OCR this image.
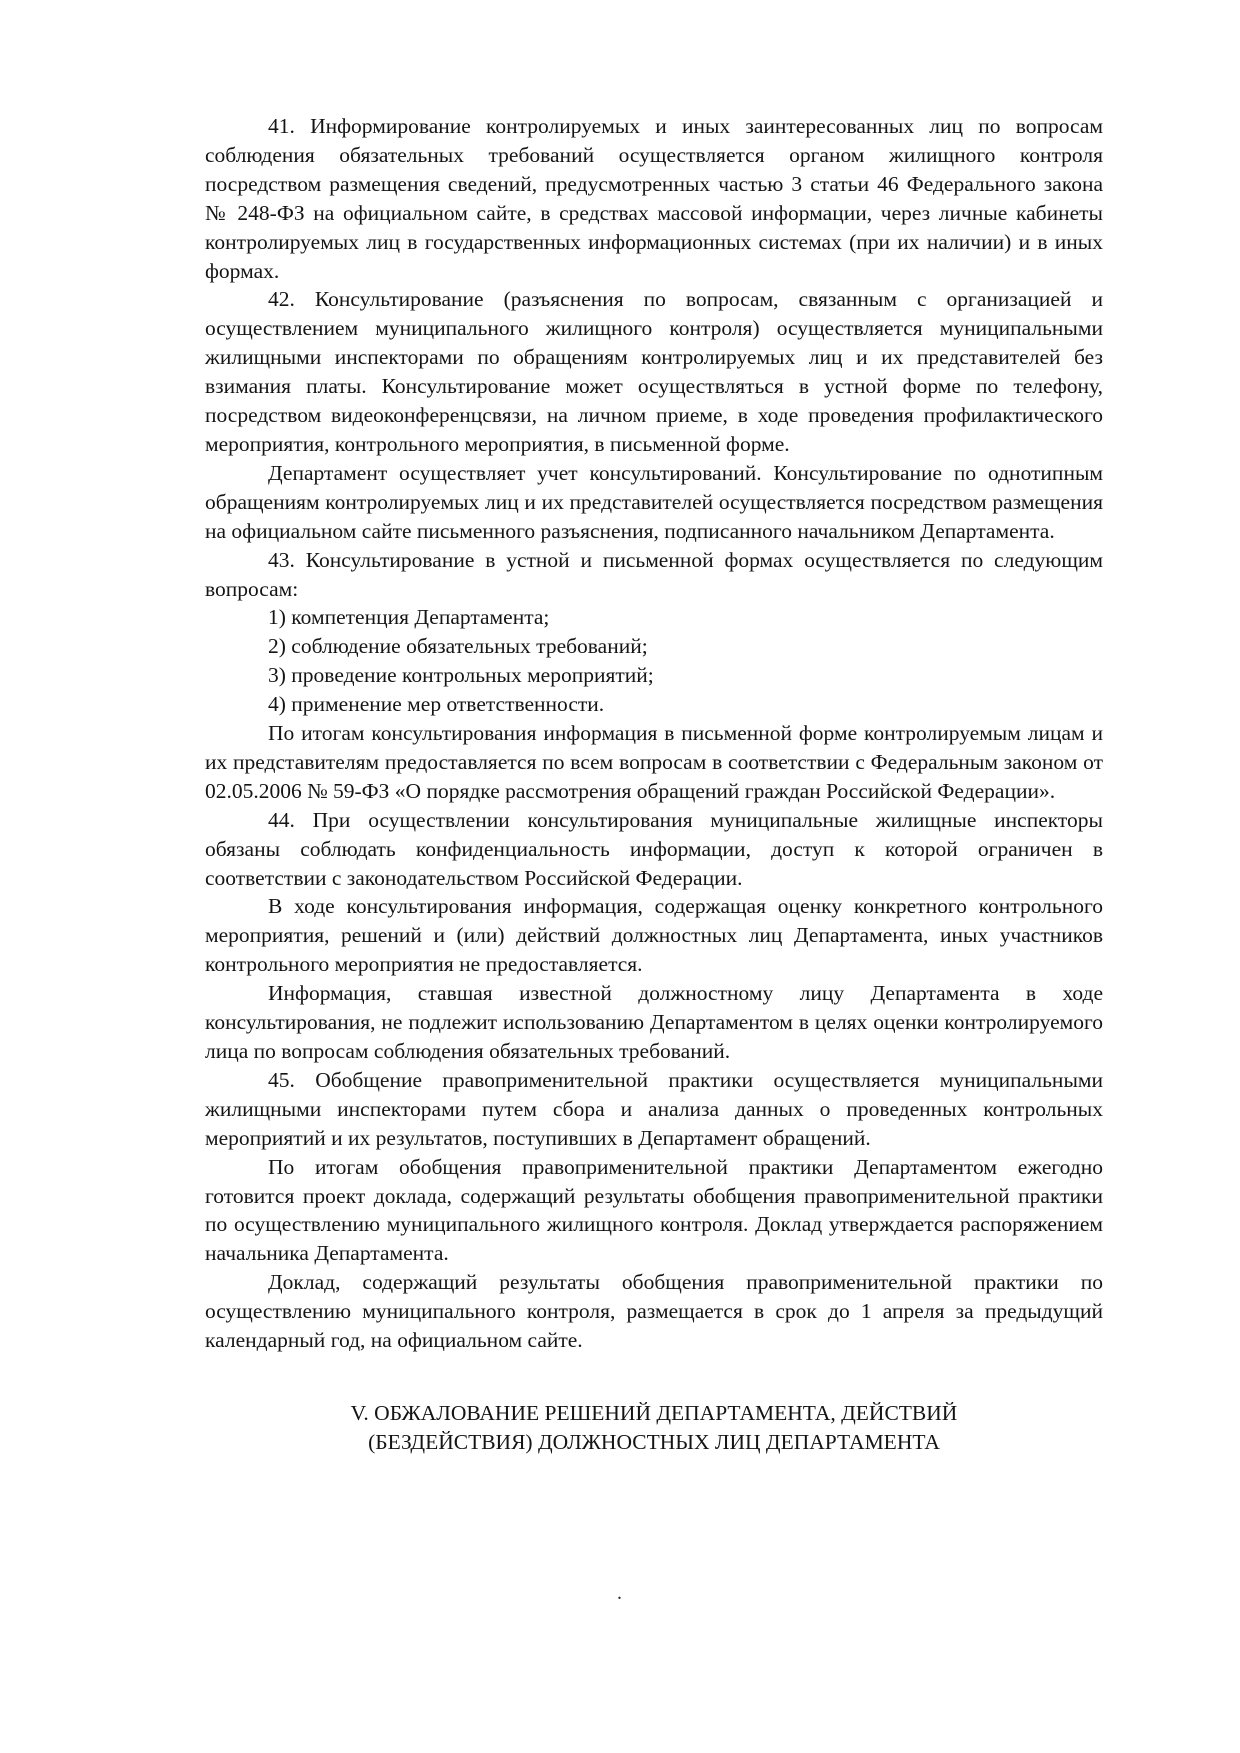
41. Информирование контролируемых и иных заинтересованных лиц по вопросам соблюдения обязательных требований осуществляется органом жилищного контроля посредством размещения сведений, предусмотренных частью 3 статьи 46 Федерального закона № 248-ФЗ на официальном сайте, в средствах массовой информации, через личные кабинеты контролируемых лиц в государственных информационных системах (при их наличии) и в иных формах.

42. Консультирование (разъяснения по вопросам, связанным с организацией и осуществлением муниципального жилищного контроля) осуществляется муниципальными жилищными инспекторами по обращениям контролируемых лиц и их представителей без взимания платы. Консультирование может осуществляться в устной форме по телефону, посредством видеоконференцсвязи, на личном приеме, в ходе проведения профилактического мероприятия, контрольного мероприятия, в письменной форме.

Департамент осуществляет учет консультирований. Консультирование по однотипным обращениям контролируемых лиц и их представителей осуществляется посредством размещения на официальном сайте письменного разъяснения, подписанного начальником Департамента.

43. Консультирование в устной и письменной формах осуществляется по следующим вопросам:

1) компетенция Департамента;

2) соблюдение обязательных требований;

3) проведение контрольных мероприятий;

4) применение мер ответственности.

По итогам консультирования информация в письменной форме контролируемым лицам и их представителям предоставляется по всем вопросам в соответствии с Федеральным законом от 02.05.2006 № 59-ФЗ «О порядке рассмотрения обращений граждан Российской Федерации».

44. При осуществлении консультирования муниципальные жилищные инспекторы обязаны соблюдать конфиденциальность информации, доступ к которой ограничен в соответствии с законодательством Российской Федерации.

В ходе консультирования информация, содержащая оценку конкретного контрольного мероприятия, решений и (или) действий должностных лиц Департамента, иных участников контрольного мероприятия не предоставляется.

Информация, ставшая известной должностному лицу Департамента в ходе консультирования, не подлежит использованию Департаментом в целях оценки контролируемого лица по вопросам соблюдения обязательных требований.

45. Обобщение правоприменительной практики осуществляется муниципальными жилищными инспекторами путем сбора и анализа данных о проведенных контрольных мероприятий и их результатов, поступивших в Департамент обращений.

По итогам обобщения правоприменительной практики Департаментом ежегодно готовится проект доклада, содержащий результаты обобщения правоприменительной практики по осуществлению муниципального жилищного контроля. Доклад утверждается распоряжением начальника Департамента.

Доклад, содержащий результаты обобщения правоприменительной практики по осуществлению муниципального контроля, размещается в срок до 1 апреля за предыдущий календарный год, на официальном сайте.

V. ОБЖАЛОВАНИЕ РЕШЕНИЙ ДЕПАРТАМЕНТА, ДЕЙСТВИЙ
(БЕЗДЕЙСТВИЯ) ДОЛЖНОСТНЫХ ЛИЦ ДЕПАРТАМЕНТА
.
